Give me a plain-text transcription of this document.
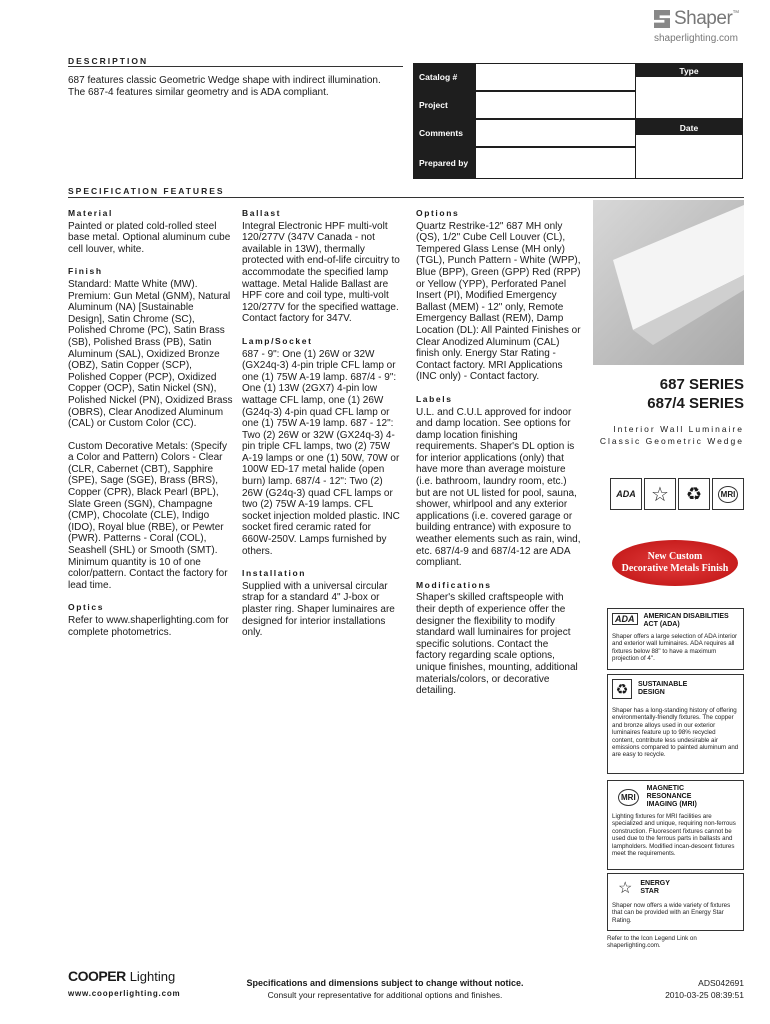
Shaper ™
shaperlighting.com
DESCRIPTION
687 features classic Geometric Wedge shape with indirect illumination. The 687-4 features similar geometry and is ADA compliant.
Catalog #
Project
Comments
Prepared by
Type
Date
SPECIFICATION FEATURES
Material
Painted or plated cold-rolled steel base metal. Optional aluminum cube cell louver, white.
Finish
Standard: Matte White (MW). Premium: Gun Metal (GNM), Natural Aluminum (NA) [Sustainable Design], Satin Chrome (SC), Polished Chrome (PC), Satin Brass (SB), Polished Brass (PB), Satin Aluminum (SAL), Oxidized Bronze (OBZ), Satin Copper (SCP), Polished Copper (PCP), Oxidized Copper (OCP), Satin Nickel (SN), Polished Nickel (PN), Oxidized Brass (OBRS), Clear Anodized Aluminum (CAL) or Custom Color (CC).
Custom Decorative Metals: (Specify a Color and Pattern) Colors - Clear (CLR, Cabernet (CBT), Sapphire (SPE), Sage (SGE), Brass (BRS), Copper (CPR), Black Pearl (BPL), Slate Green (SGN), Champagne (CMP), Chocolate (CLE), Indigo (IDO), Royal blue (RBE), or Pewter (PWR). Patterns - Coral (COL), Seashell (SHL) or Smooth (SMT). Minimum quantity is 10 of one color/pattern. Contact the factory for lead time.
Optics
Refer to www.shaperlighting.com for complete photometrics.
Ballast
Integral Electronic HPF multi-volt 120/277V (347V Canada - not available in 13W), thermally protected with end-of-life circuitry to accommodate the specified lamp wattage. Metal Halide Ballast are HPF core and coil type, multi-volt 120/277V for the specified wattage. Contact factory for 347V.
Lamp/Socket
687 - 9": One (1) 26W or 32W (GX24q-3) 4-pin triple CFL lamp or one (1) 75W A-19 lamp. 687/4 - 9": One (1) 13W (2GX7) 4-pin low wattage CFL lamp, one (1) 26W (G24q-3) 4-pin quad CFL lamp or one (1) 75W A-19 lamp. 687 - 12": Two (2) 26W or 32W (GX24q-3) 4-pin triple CFL lamps, two (2) 75W A-19 lamps or one (1) 50W, 70W or 100W ED-17 metal halide (open burn) lamp. 687/4 - 12": Two (2) 26W (G24q-3) quad CFL lamps or two (2) 75W A-19 lamps. CFL socket injection molded plastic. INC socket fired ceramic rated for 660W-250V. Lamps furnished by others.
Installation
Supplied with a universal circular strap for a standard 4" J-box or plaster ring. Shaper luminaires are designed for interior installations only.
Options
Quartz Restrike-12" 687 MH only (QS), 1/2" Cube Cell Louver (CL), Tempered Glass Lense (MH only) (TGL), Punch Pattern - White (WPP), Blue (BPP), Green (GPP) Red (RPP) or Yellow (YPP), Perforated Panel Insert (PI), Modified Emergency Ballast (MEM) - 12" only, Remote Emergency Ballast (REM), Damp Location (DL): All Painted Finishes or Clear Anodized Aluminum (CAL) finish only. Energy Star Rating - Contact factory. MRI Applications (INC only) - Contact factory.
Labels
U.L. and C.U.L approved for indoor and damp location. See options for damp location finishing requirements. Shaper's DL option is for interior applications (only) that have more than average moisture (i.e. bathroom, laundry room, etc.) but are not UL listed for pool, sauna, shower, whirlpool and any exterior applications (i.e. covered garage or building entrance) with exposure to weather elements such as rain, wind, etc. 687/4-9 and 687/4-12 are ADA compliant.
Modifications
Shaper's skilled craftspeople with their depth of experience offer the designer the flexibility to modify standard wall luminaires for project specific solutions. Contact the factory regarding scale options, unique finishes, mounting, additional materials/colors, or decorative detailing.
687 SERIES
687/4 SERIES
Interior Wall Luminaire
Classic Geometric Wedge
ADA ☆ ♻	MRI
New Custom
Decorative Metals Finish
ADA	AMERICAN DISABILITIES
ACT (ADA)
Shaper offers a large selection of ADA interior and exterior wall luminaires. ADA requires all fixtures below 88" to have a maximum projection of 4".
♻	SUSTAINABLE
DESIGN
Shaper has a long-standing history of offering environmentally-friendly fixtures. The copper and bronze alloys used in our exterior luminaires feature up to 98% recycled content, contribute less undesirable air emissions compared to painted aluminum and are easy to recycle.
MRI
MAGNETIC
RESONANCE
IMAGING (MRI)
Lighting fixtures for MRI facilities are specialized and unique, requiring non-ferrous construction. Fluorescent fixtures cannot be used due to the ferrous parts in ballasts and lampholders. Modified incan-descent fixtures meet the requirements.
☆ ENERGY
STAR
Shaper now offers a wide variety of fixtures that can be provided with an Energy Star Rating.
Refer to the Icon Legend Link on shaperlighting.com.
COOPER Lighting
www.cooperlighting.com
Specifications and dimensions subject to change without notice.
Consult your representative for additional options and finishes.
ADS042691
2010-03-25 08:39:51
